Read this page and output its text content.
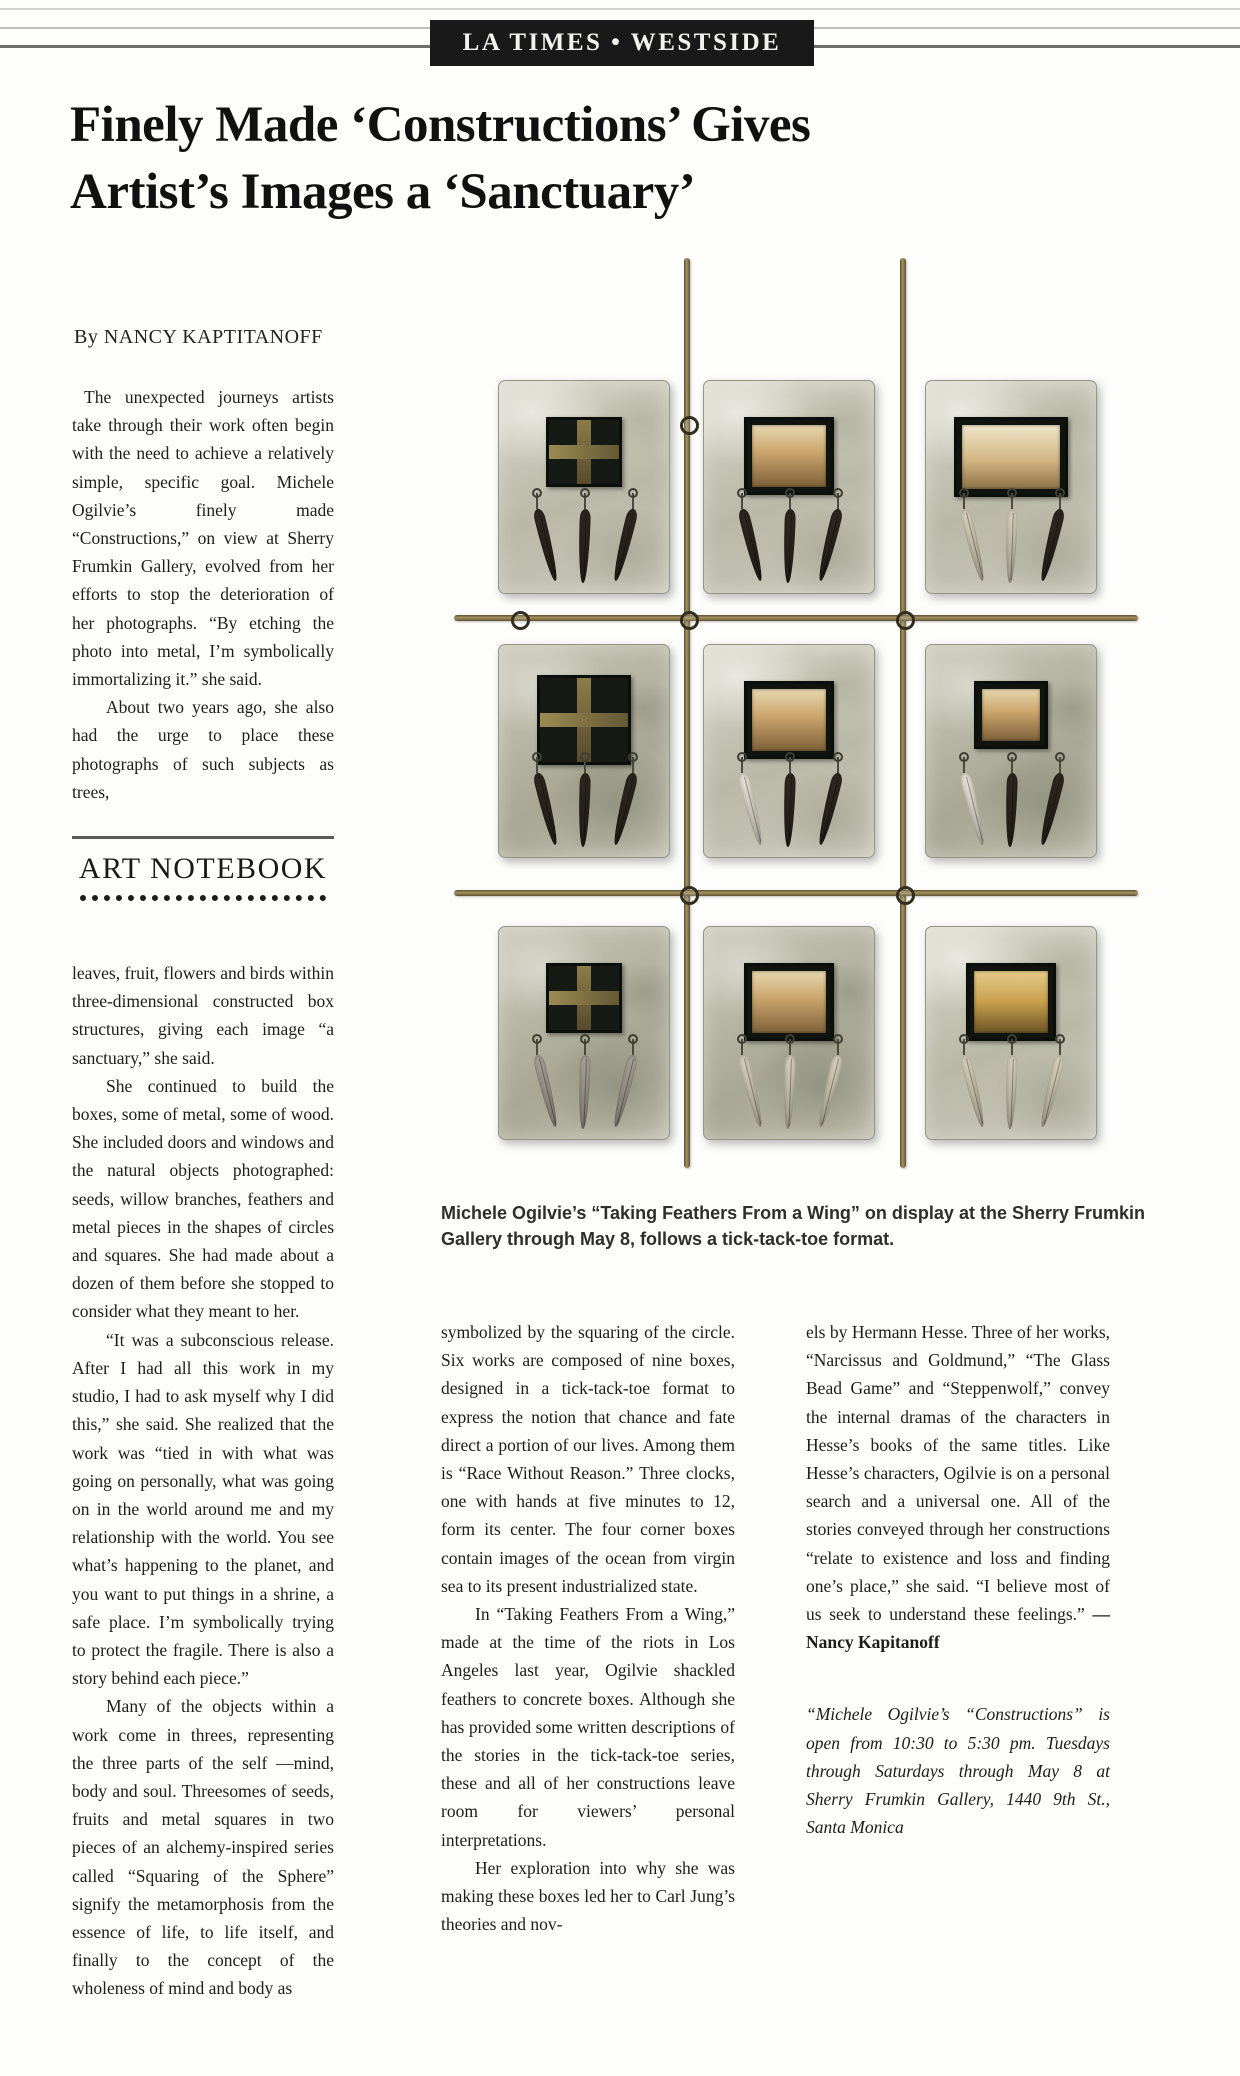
LA TIMES • WESTSIDE
Finely Made ‘Constructions’ Gives
Artist’s Images a ‘Sanctuary’
By NANCY KAPTITANOFF

The unexpected journeys artists take through their work often begin with the need to achieve a relatively simple, specific goal. Michele Ogilvie’s finely made “Constructions,” on view at Sherry Frumkin Gallery, evolved from her efforts to stop the deterioration of her photographs. “By etching the photo into metal, I’m symbolically immortalizing it.” she said.

About two years ago, she also had the urge to place these photographs of such subjects as trees,

ART NOTEBOOK

leaves, fruit, flowers and birds within three-dimensional constructed box structures, giving each image “a sanctuary,” she said.

She continued to build the boxes, some of metal, some of wood. She included doors and windows and the natural objects photographed: seeds, willow branches, feathers and metal pieces in the shapes of circles and squares. She had made about a dozen of them before she stopped to consider what they meant to her.

“It was a subconscious release. After I had all this work in my studio, I had to ask myself why I did this,” she said. She realized that the work was “tied in with what was going on personally, what was going on in the world around me and my relationship with the world. You see what’s happening to the planet, and you want to put things in a shrine, a safe place. I’m symbolically trying to protect the fragile. There is also a story behind each piece.”

Many of the objects within a work come in threes, representing the three parts of the self —mind, body and soul. Threesomes of seeds, fruits and metal squares in two pieces of an alchemy-inspired series called “Squaring of the Sphere” signify the metamorphosis from the essence of life, to life itself, and finally to the concept of the wholeness of mind and body as

Michele Ogilvie’s “Taking Feathers From a Wing” on display at the Sherry Frumkin Gallery through May 8, follows a tick-tack-toe format.

symbolized by the squaring of the circle. Six works are composed of nine boxes, designed in a tick-tack-toe format to express the notion that chance and fate direct a portion of our lives. Among them is “Race Without Reason.” Three clocks, one with hands at five minutes to 12, form its center. The four corner boxes contain images of the ocean from virgin sea to its present industrialized state.

In “Taking Feathers From a Wing,” made at the time of the riots in Los Angeles last year, Ogilvie shackled feathers to concrete boxes. Although she has provided some written descriptions of the stories in the tick-tack-toe series, these and all of her constructions leave room for viewers’ personal interpretations.

Her exploration into why she was making these boxes led her to Carl Jung’s theories and nov-

els by Hermann Hesse. Three of her works, “Narcissus and Goldmund,” “The Glass Bead Game” and “Steppenwolf,” convey the internal dramas of the characters in Hesse’s books of the same titles. Like Hesse’s characters, Ogilvie is on a personal search and a universal one. All of the stories conveyed through her constructions “relate to existence and loss and finding one’s place,” she said. “I believe most of us seek to understand these feelings.” —Nancy Kapitanoff

“Michele Ogilvie’s “Constructions” is open from 10:30 to 5:30 pm. Tuesdays through Saturdays through May 8 at Sherry Frumkin Gallery, 1440 9th St., Santa Monica
